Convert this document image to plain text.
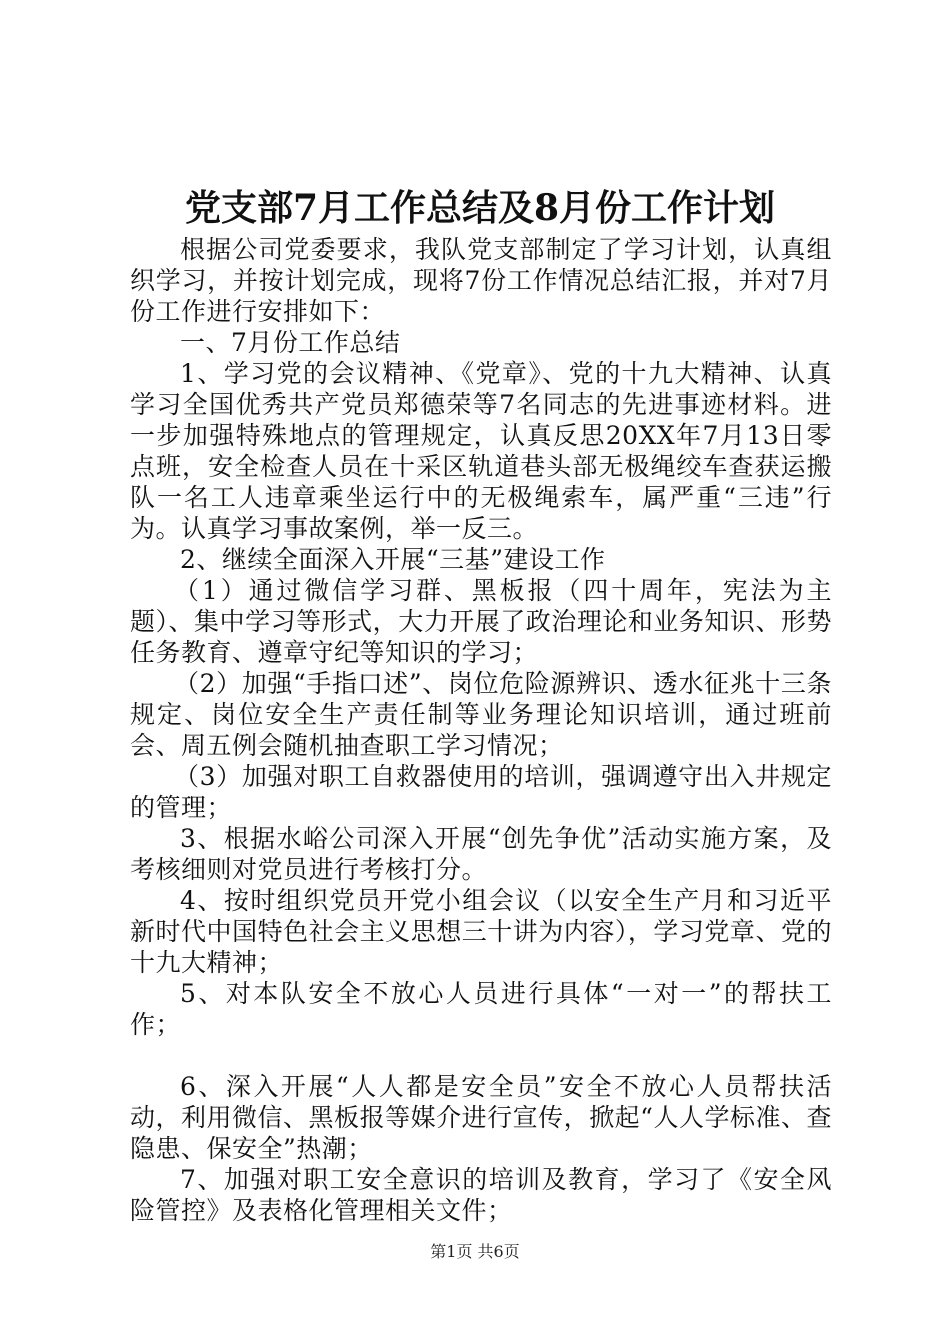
党支部7月工作总结及8月份工作计划

根据公司党委要求，我队党支部制定了学习计划，认真组织学习，并按计划完成，现将7份工作情况总结汇报，并对7月份工作进行安排如下：

一、7月份工作总结

1、学习党的会议精神、《党章》、党的十九大精神、认真学习全国优秀共产党员郑德荣等7名同志的先进事迹材料。进一步加强特殊地点的管理规定，认真反思20XX年7月13日零点班，安全检查人员在十采区轨道巷头部无极绳绞车查获运搬队一名工人违章乘坐运行中的无极绳索车，属严重“三违”行为。认真学习事故案例，举一反三。

2、继续全面深入开展“三基”建设工作

（1）通过微信学习群、黑板报（四十周年，宪法为主题）、集中学习等形式，大力开展了政治理论和业务知识、形势任务教育、遵章守纪等知识的学习；

（2）加强“手指口述”、岗位危险源辨识、透水征兆十三条规定、岗位安全生产责任制等业务理论知识培训，通过班前会、周五例会随机抽查职工学习情况；

（3）加强对职工自救器使用的培训，强调遵守出入井规定的管理；

3、根据水峪公司深入开展“创先争优”活动实施方案，及考核细则对党员进行考核打分。

4、按时组织党员开党小组会议（以安全生产月和习近平新时代中国特色社会主义思想三十讲为内容），学习党章、党的十九大精神；

5、对本队安全不放心人员进行具体“一对一”的帮扶工作；

6、深入开展“人人都是安全员”安全不放心人员帮扶活动，利用微信、黑板报等媒介进行宣传，掀起“人人学标准、查隐患、保安全”热潮；

7、加强对职工安全意识的培训及教育，学习了《安全风险管控》及表格化管理相关文件；

第1页 共6页
